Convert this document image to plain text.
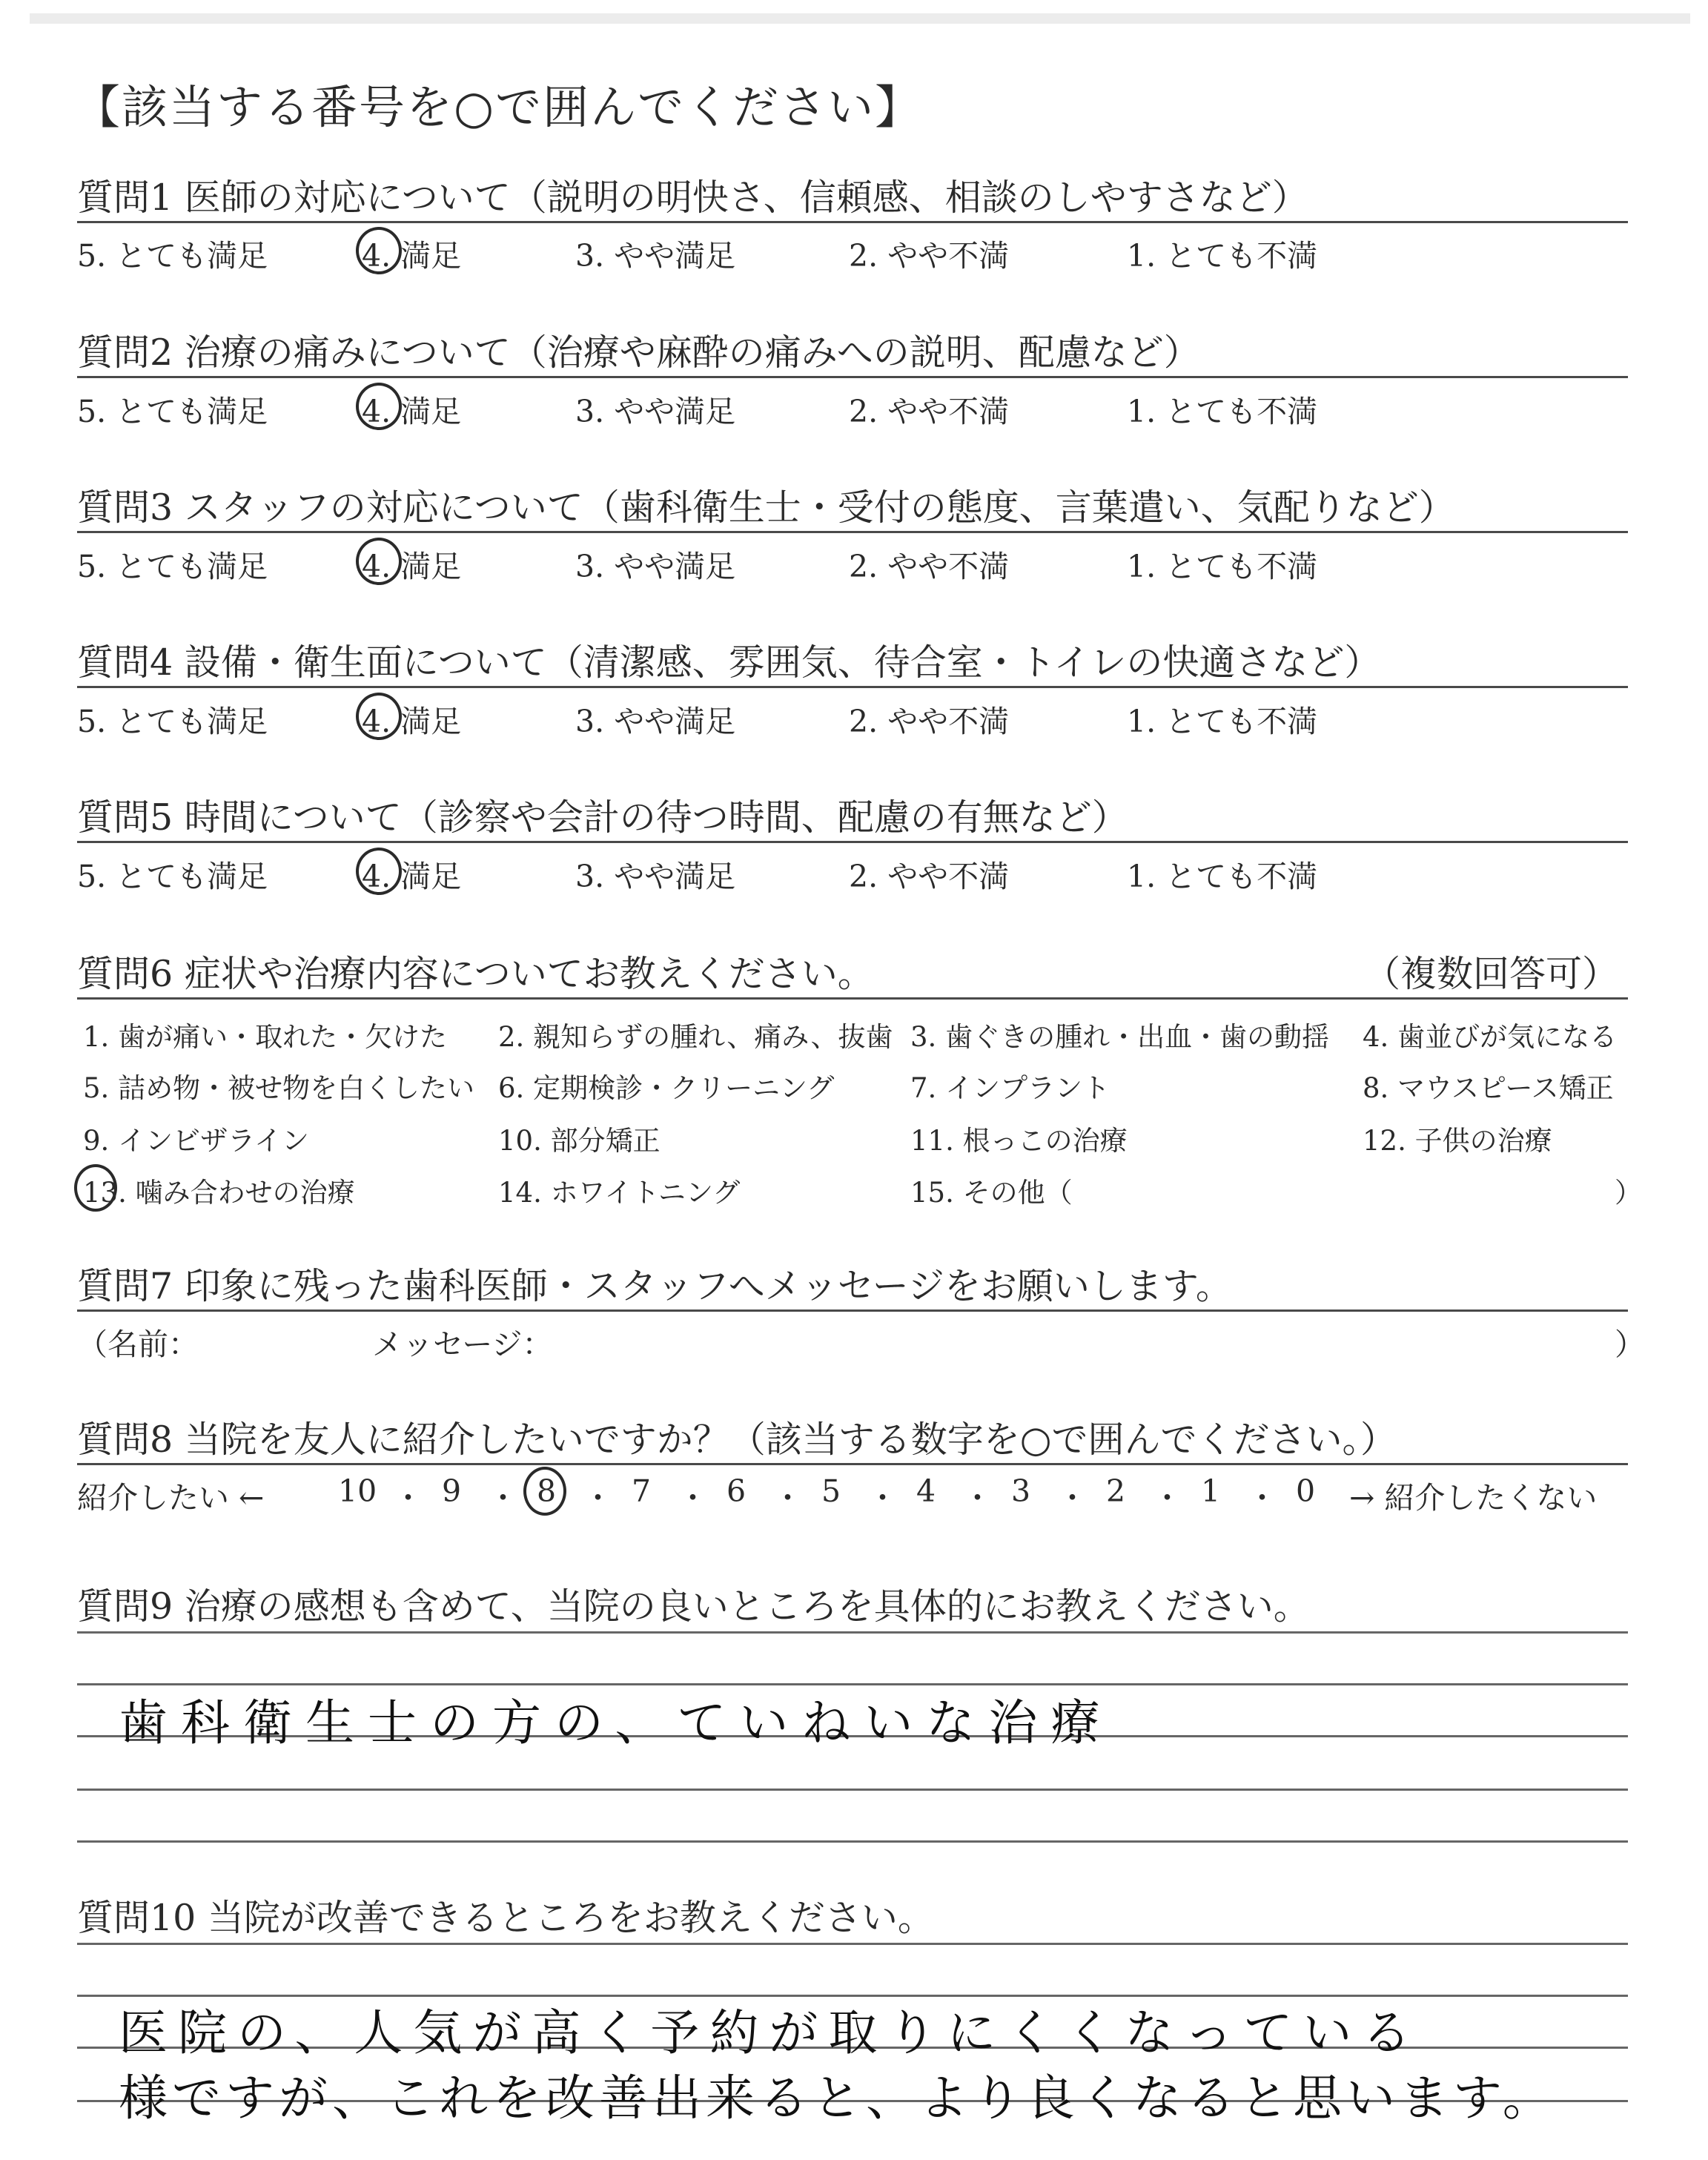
【該当する番号を○で囲んでください】
質問1 医師の対応について（説明の明快さ、信頼感、相談のしやすさなど）
5. とても満足	4. 満足	3. やや満足	2. やや不満	1. とても不満
質問2 治療の痛みについて（治療や麻酔の痛みへの説明、配慮など）
5. とても満足	4. 満足	3. やや満足	2. やや不満	1. とても不満
質問3 スタッフの対応について（歯科衛生士・受付の態度、言葉遣い、気配りなど）
5. とても満足	4. 満足	3. やや満足	2. やや不満	1. とても不満
質問4 設備・衛生面について（清潔感、雰囲気、待合室・トイレの快適さなど）
5. とても満足	4. 満足	3. やや満足	2. やや不満	1. とても不満
質問5 時間について（診察や会計の待つ時間、配慮の有無など）
5. とても満足	4. 満足	3. やや満足	2. やや不満	1. とても不満
質問6 症状や治療内容についてお教えください。	（複数回答可）
1. 歯が痛い・取れた・欠けた 2. 親知らずの腫れ、痛み、抜歯 3. 歯ぐきの腫れ・出血・歯の動揺 4. 歯並びが気になる
5. 詰め物・被せ物を白くしたい 6. 定期検診・クリーニング	7. インプラント	8. マウスピース矯正
9. インビザライン	10. 部分矯正	11. 根っこの治療	12. 子供の治療
13. 噛み合わせの治療	14. ホワイトニング	15. その他（	）
質問7 印象に残った歯科医師・スタッフへメッセージをお願いします。
（名前：	メッセージ：	）
質問8 当院を友人に紹介したいですか？（該当する数字を○で囲んでください。）
紹介したい ← 10 ・ 9 ・ 8 ・ 7 ・ 6 ・ 5 ・ 4 ・ 3 ・ 2 ・ 1 ・ 0 → 紹介したくない
質問9 治療の感想も含めて、当院の良いところを具体的にお教えください。
歯科衛生士の方の、ていねいな治療
質問10 当院が改善できるところをお教えください。
医院の、人気が高く予約が取りにくくなっている
様ですが、これを改善出来ると、より良くなると思います。
